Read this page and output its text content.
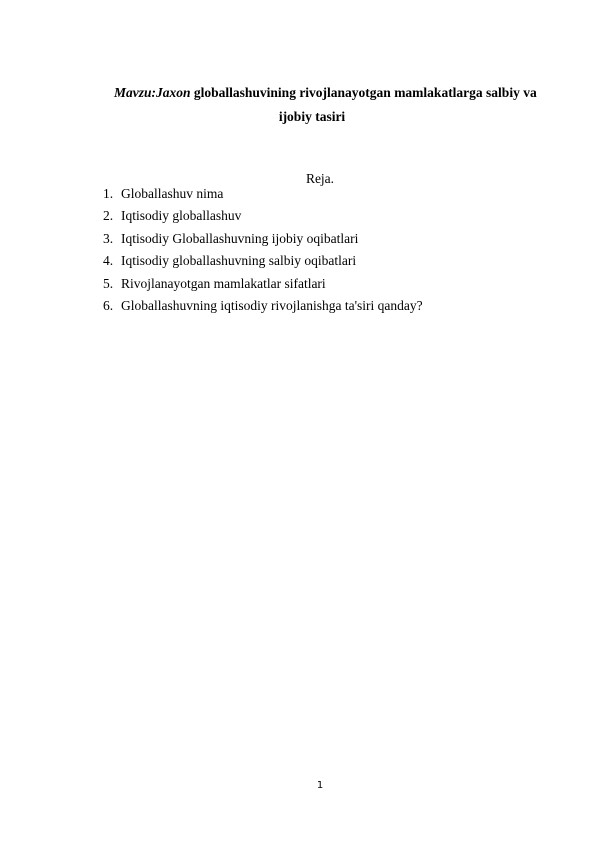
Mavzu:Jaxon globallashuvining rivojlanayotgan mamlakatlarga salbiy va
ijobiy tasiri
Reja.
1. Globallashuv nima
2. Iqtisodiy globallashuv
3. Iqtisodiy Globallashuvning ijobiy oqibatlari
4. Iqtisodiy globallashuvning salbiy oqibatlari
5. Rivojlanayotgan mamlakatlar sifatlari
6. Globallashuvning iqtisodiy rivojlanishga ta'siri qanday?
1
